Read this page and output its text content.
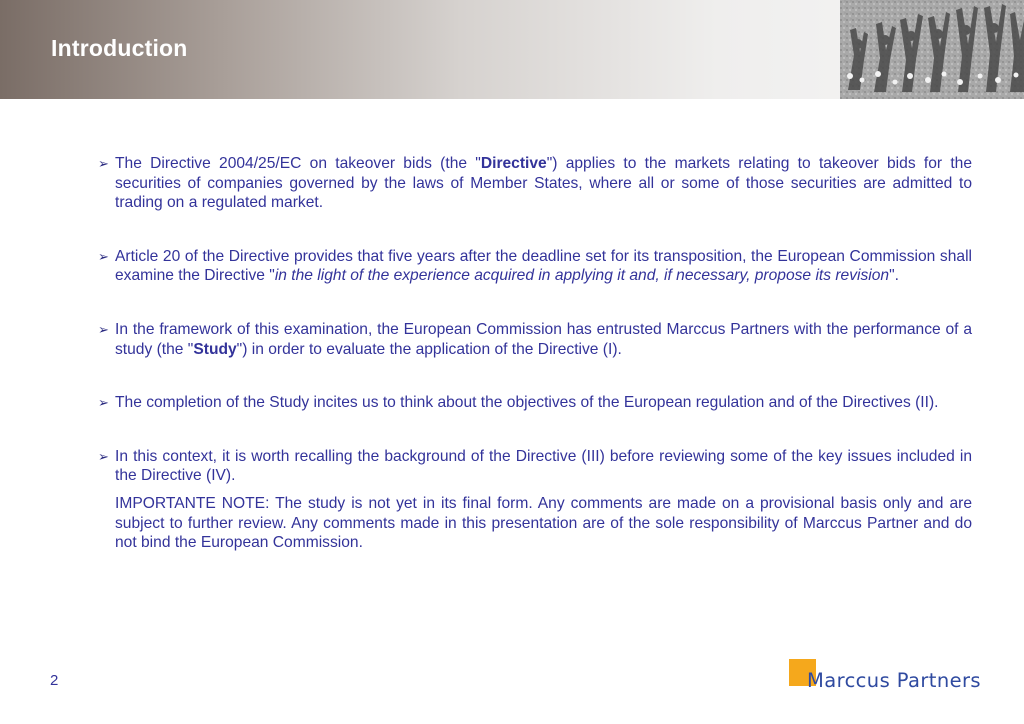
Introduction
➢ The Directive 2004/25/EC on takeover bids (the "Directive") applies to the markets relating to takeover bids for the securities of companies governed by the laws of Member States, where all or some of those securities are admitted to trading on a regulated market.
➢ Article 20 of the Directive provides that five years after the deadline set for its transposition, the European Commission shall examine the Directive "in the light of the experience acquired in applying it and, if necessary, propose its revision".
➢ In the framework of this examination, the European Commission has entrusted Marccus Partners with the performance of a study (the "Study") in order to evaluate the application of the Directive (I).
➢ The completion of the Study incites us to think about the objectives of the European regulation and of the Directives (II).
➢ In this context, it is worth recalling the background of the Directive (III) before reviewing some of the key issues included in the Directive (IV).
IMPORTANTE NOTE: The study is not yet in its final form. Any comments are made on a provisional basis only and are subject to further review. Any comments made in this presentation are of the sole responsibility of Marccus Partner and do not bind the European Commission.
2	Marccus Partners
